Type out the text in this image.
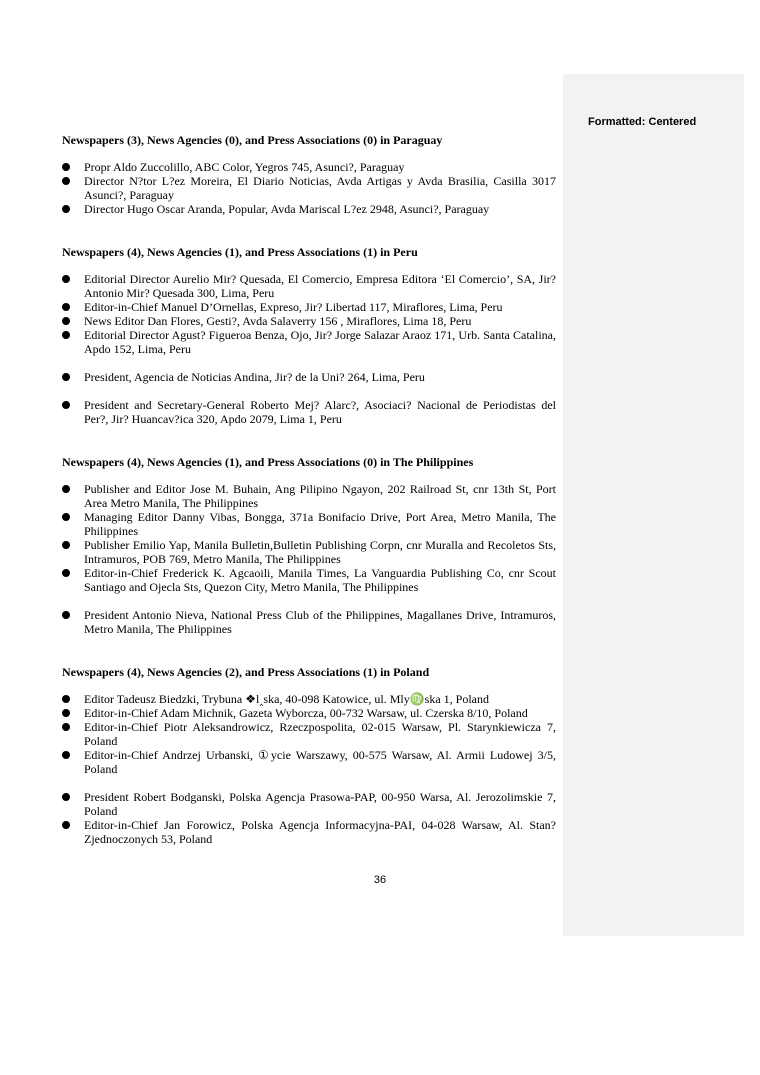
Formatted: Centered

Newspapers (3), News Agencies (0), and Press Associations (0) in Paraguay

Propr Aldo Zuccolillo, ABC Color, Yegros 745, Asunci?, Paraguay
Director N?tor L?ez Moreira, El Diario Noticias, Avda Artigas y Avda Brasilia, Casilla 3017 Asunci?, Paraguay
Director Hugo Oscar Aranda, Popular, Avda Mariscal L?ez 2948, Asunci?, Paraguay

Newspapers (4), News Agencies (1), and Press Associations (1) in Peru

Editorial Director Aurelio Mir? Quesada, El Comercio, Empresa Editora ‘El Comercio’, SA, Jir? Antonio Mir? Quesada 300, Lima, Peru
Editor-in-Chief Manuel D’Ornellas, Expreso, Jir? Libertad 117, Miraflores, Lima, Peru
News Editor Dan Flores, Gesti?, Avda Salaverry 156 , Miraflores, Lima 18, Peru
Editorial Director Agust? Figueroa Benza, Ojo, Jir? Jorge Salazar Araoz 171, Urb. Santa Catalina, Apdo 152, Lima, Peru
President, Agencia de Noticias Andina, Jir? de la Uni? 264, Lima, Peru
President and Secretary-General Roberto Mej? Alarc?, Asociaci? Nacional de Periodistas del Per?, Jir? Huancav?ica 320, Apdo 2079, Lima 1, Peru

Newspapers (4), News Agencies (1), and Press Associations (0) in The Philippines

Publisher and Editor Jose M. Buhain, Ang Pilipino Ngayon, 202 Railroad St, cnr 13th St, Port Area Metro Manila, The Philippines
Managing Editor Danny Vibas, Bongga, 371a Bonifacio Drive, Port Area, Metro Manila, The Philippines
Publisher Emilio Yap, Manila Bulletin,Bulletin Publishing Corpn, cnr Muralla and Recoletos Sts, Intramuros, POB 769, Metro Manila, The Philippines
Editor-in-Chief Frederick K. Agcaoili, Manila Times, La Vanguardia Publishing Co, cnr Scout Santiago and Ojecla Sts, Quezon City, Metro Manila, The Philippines
President Antonio Nieva, National Press Club of the Philippines, Magallanes Drive, Intramuros, Metro Manila, The Philippines

Newspapers (4), News Agencies (2), and Press Associations (1) in Poland

Editor Tadeusz Biedzki, Trybuna ❖l‸ska, 40-098 Katowice, ul. Mly♍ska 1, Poland
Editor-in-Chief Adam Michnik, Gazeta Wyborcza, 00-732 Warsaw, ul. Czerska 8/10, Poland
Editor-in-Chief Piotr Aleksandrowicz, Rzeczpospolita, 02-015 Warsaw, Pl. Starynkiewicza 7, Poland
Editor-in-Chief Andrzej Urbanski, ①ycie Warszawy, 00-575 Warsaw, Al. Armii Ludowej 3/5, Poland
President Robert Bodganski, Polska Agencja Prasowa-PAP, 00-950 Warsa, Al. Jerozolimskie 7, Poland
Editor-in-Chief Jan Forowicz, Polska Agencja Informacyjna-PAI, 04-028 Warsaw, Al. Stan? Zjednoczonych 53, Poland
36
